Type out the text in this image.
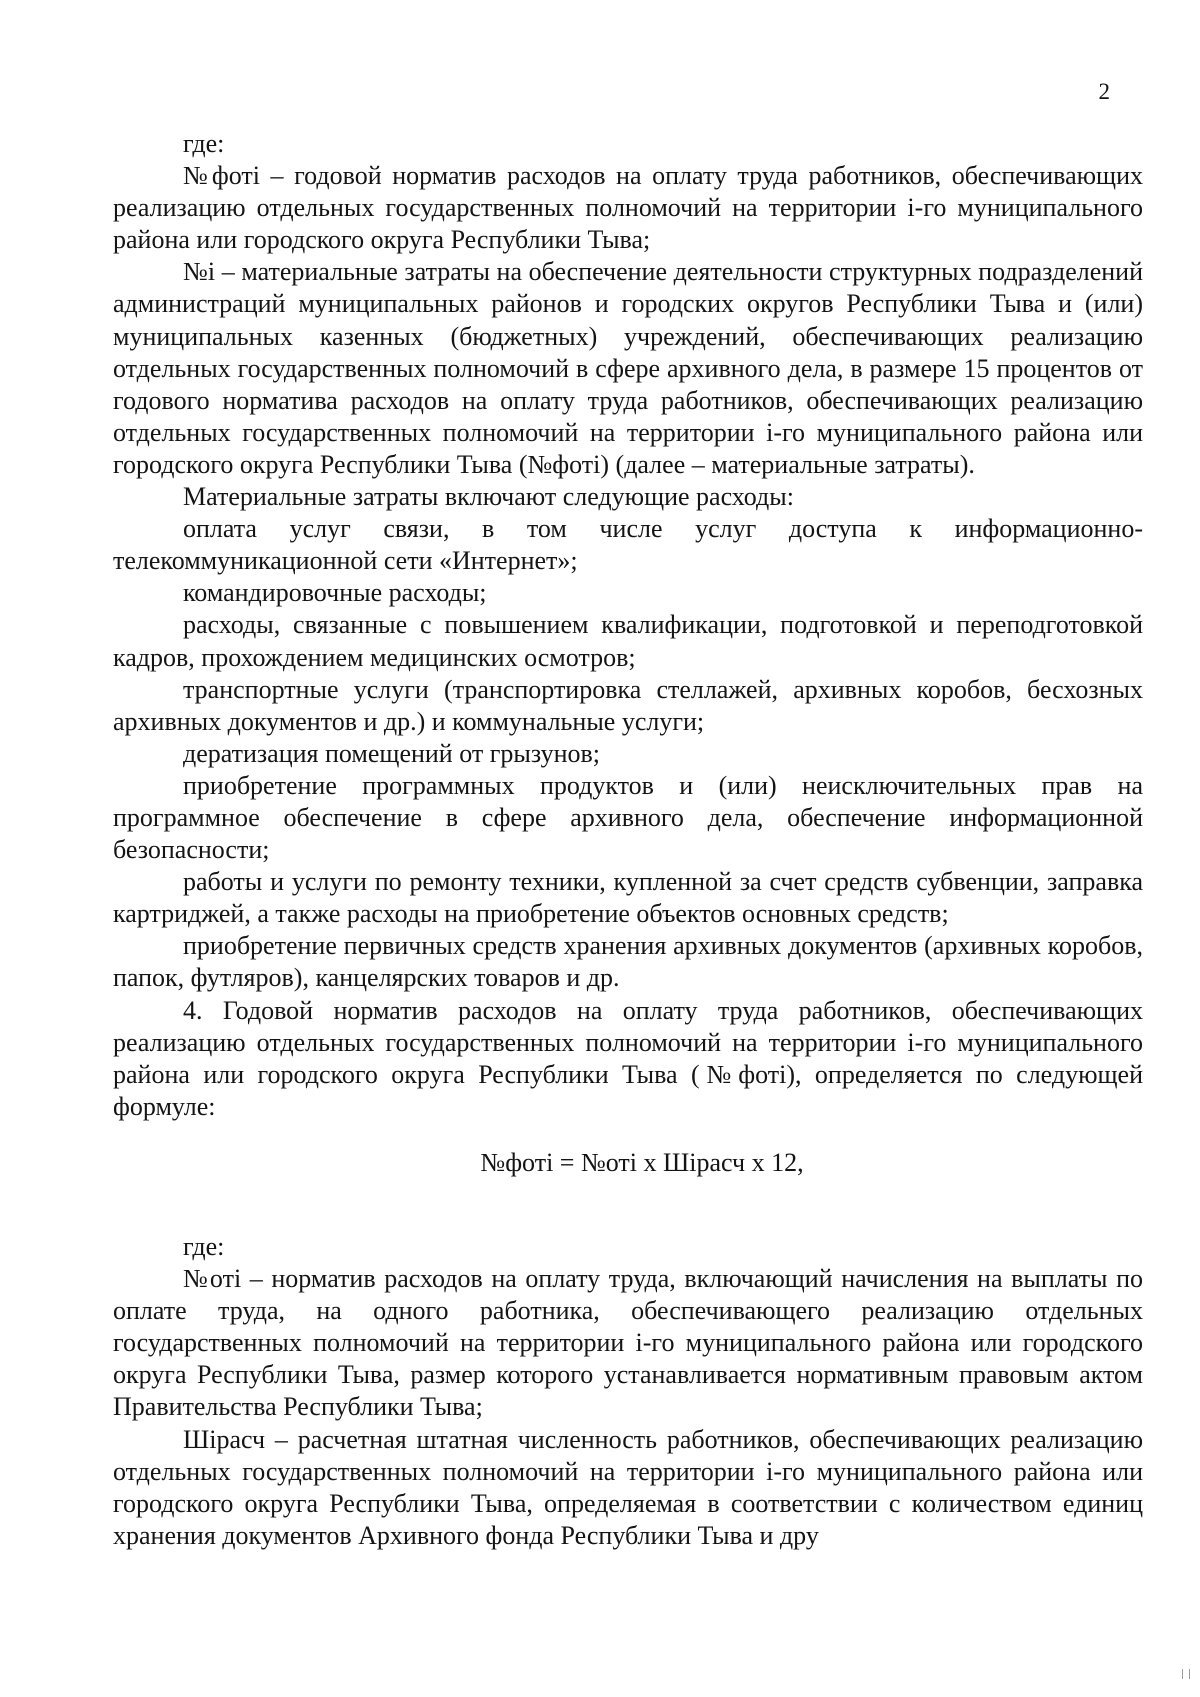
2

где:

№фоті – годовой норматив расходов на оплату труда работников, обеспечивающих реализацию отдельных государственных полномочий на территории і-го муниципального района или городского округа Республики Тыва;

№і – материальные затраты на обеспечение деятельности структурных подразделений администраций муниципальных районов и городских округов Республики Тыва и (или) муниципальных казенных (бюджетных) учреждений, обеспечивающих реализацию отдельных государственных полномочий в сфере архивного дела, в размере 15 процентов от годового норматива расходов на оплату труда работников, обеспечивающих реализацию отдельных государственных полномочий на территории і-го муниципального района или городского округа Республики Тыва (№фоті) (далее – материальные затраты).

Материальные затраты включают следующие расходы:

оплата услуг связи, в том числе услуг доступа к информационно-телекоммуникационной сети «Интернет»;

командировочные расходы;

расходы, связанные с повышением квалификации, подготовкой и переподготовкой кадров, прохождением медицинских осмотров;

транспортные услуги (транспортировка стеллажей, архивных коробов, бесхозных архивных документов и др.) и коммунальные услуги;

дератизация помещений от грызунов;

приобретение программных продуктов и (или) неисключительных прав на программное обеспечение в сфере архивного дела, обеспечение информационной безопасности;

работы и услуги по ремонту техники, купленной за счет средств субвенции, заправка картриджей, а также расходы на приобретение объектов основных средств;

приобретение первичных средств хранения архивных документов (архивных коробов, папок, футляров), канцелярских товаров и др.

4. Годовой норматив расходов на оплату труда работников, обеспечивающих реализацию отдельных государственных полномочий на территории і-го муниципального района или городского округа Республики Тыва (№фоті), определяется по следующей формуле:

№фоті = №оті x Шірасч x 12,

где:

№оті – норматив расходов на оплату труда, включающий начисления на выплаты по оплате труда, на одного работника, обеспечивающего реализацию отдельных государственных полномочий на территории і-го муниципального района или городского округа Республики Тыва, размер которого устанавливается нормативным правовым актом Правительства Республики Тыва;

Шірасч – расчетная штатная численность работников, обеспечивающих реализацию отдельных государственных полномочий на территории і-го муниципального района или городского округа Республики Тыва, определяемая в соответствии с количеством единиц хранения документов Архивного фонда Республики Тыва и дру
